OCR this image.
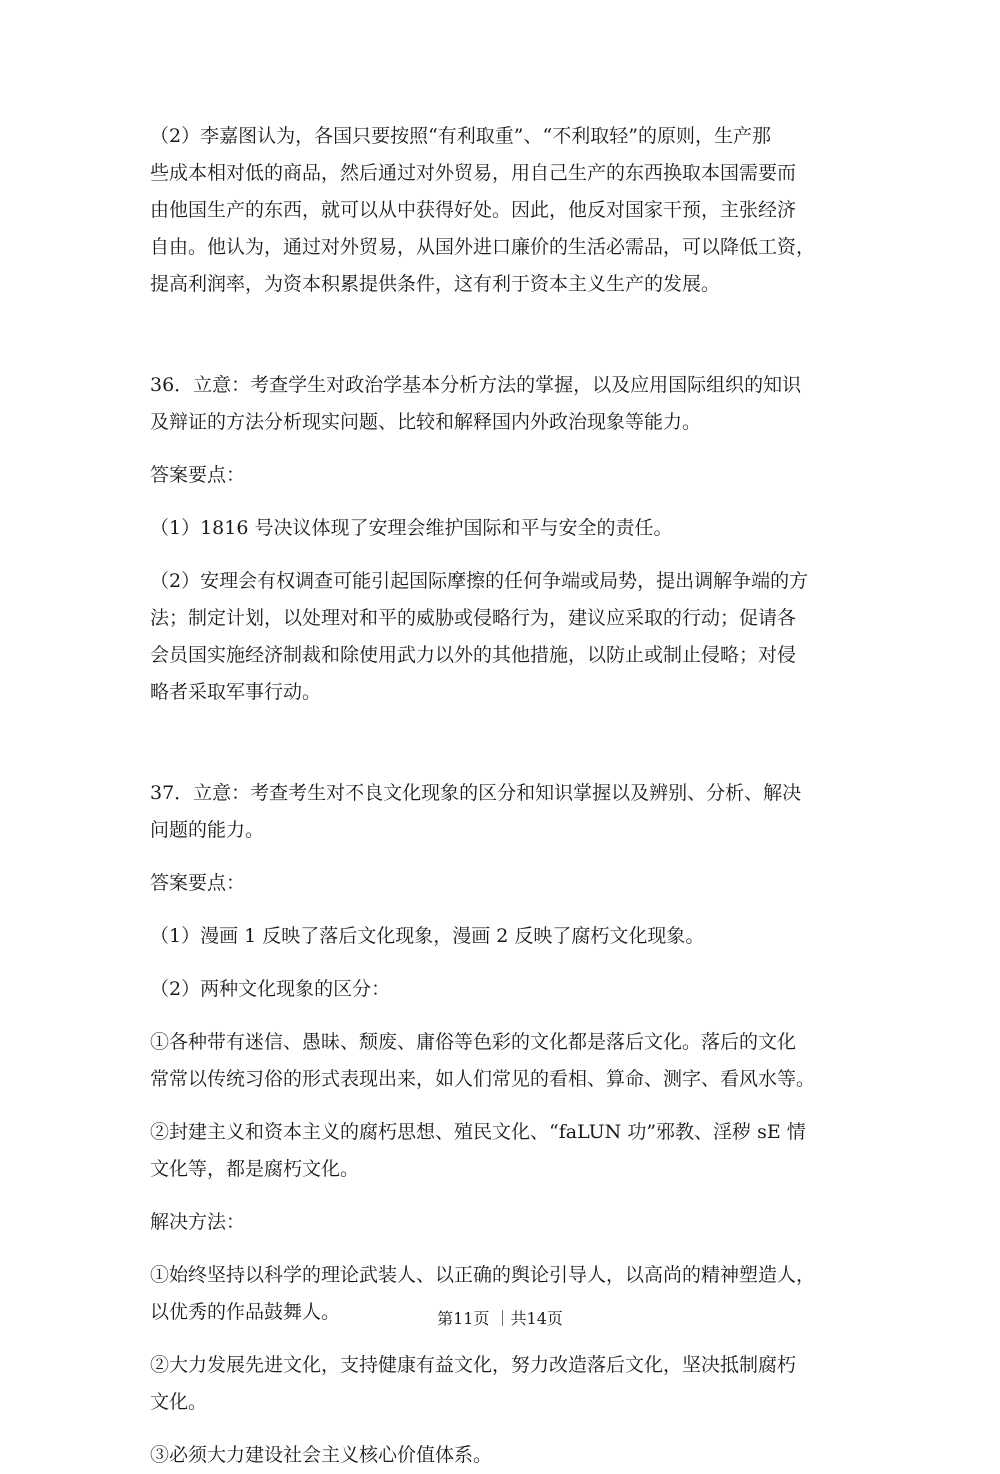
（2）李嘉图认为，各国只要按照“有利取重”、“不利取轻”的原则，生产那
些成本相对低的商品，然后通过对外贸易，用自己生产的东西换取本国需要而
由他国生产的东西，就可以从中获得好处。因此，他反对国家干预，主张经济
自由。他认为，通过对外贸易，从国外进口廉价的生活必需品，可以降低工资，
提高利润率，为资本积累提供条件，这有利于资本主义生产的发展。

36．立意：考查学生对政治学基本分析方法的掌握，以及应用国际组织的知识
及辩证的方法分析现实问题、比较和解释国内外政治现象等能力。

答案要点：

（1）1816 号决议体现了安理会维护国际和平与安全的责任。

（2）安理会有权调查可能引起国际摩擦的任何争端或局势，提出调解争端的方
法；制定计划，以处理对和平的威胁或侵略行为，建议应采取的行动；促请各
会员国实施经济制裁和除使用武力以外的其他措施，以防止或制止侵略；对侵
略者采取军事行动。

37．立意：考查考生对不良文化现象的区分和知识掌握以及辨别、分析、解决
问题的能力。

答案要点：

（1）漫画 1 反映了落后文化现象，漫画 2 反映了腐朽文化现象。

（2）两种文化现象的区分：

①各种带有迷信、愚昧、颓废、庸俗等色彩的文化都是落后文化。落后的文化
常常以传统习俗的形式表现出来，如人们常见的看相、算命、测字、看风水等。

②封建主义和资本主义的腐朽思想、殖民文化、“faLUN 功”邪教、淫秽 sE 情
文化等，都是腐朽文化。

解决方法：

①始终坚持以科学的理论武装人、以正确的舆论引导人，以高尚的精神塑造人，
以优秀的作品鼓舞人。

②大力发展先进文化，支持健康有益文化，努力改造落后文化，坚决抵制腐朽
文化。

③必须大力建设社会主义核心价值体系。

第11页 ｜共14页
